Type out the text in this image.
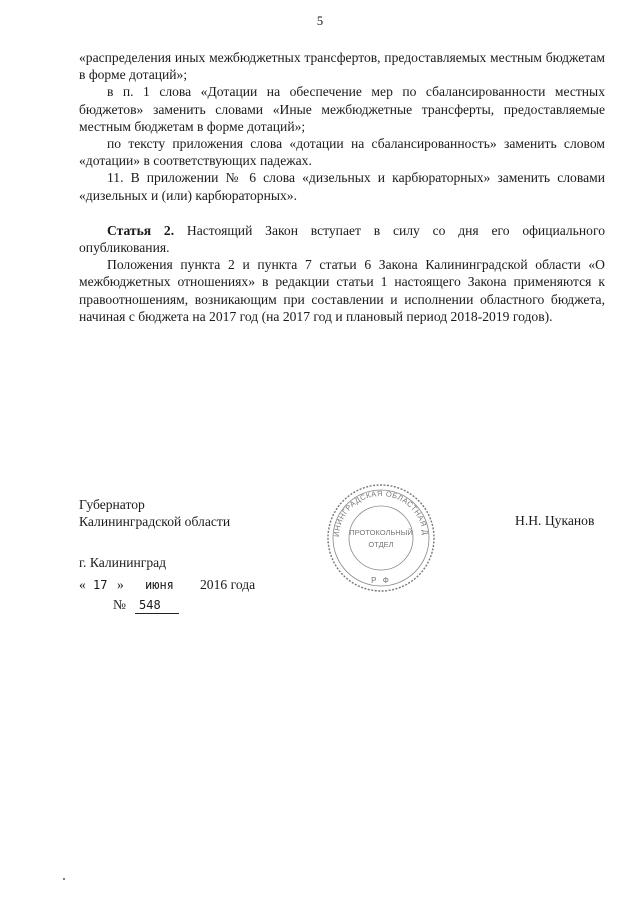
5

«распределения иных межбюджетных трансфертов, предоставляемых местным бюджетам в форме дотаций»;

в п. 1 слова «Дотации на обеспечение мер по сбалансированности местных бюджетов» заменить словами «Иные межбюджетные трансферты, предоставляемые местным бюджетам в форме дотаций»;

по тексту приложения слова «дотации на сбалансированность» заменить словом «дотации» в соответствующих падежах.

11. В приложении № 6 слова «дизельных и карбюраторных» заменить словами «дизельных и (или) карбюраторных».

Статья 2. Настоящий Закон вступает в силу со дня его официального опубликования.

Положения пункта 2 и пункта 7 статьи 6 Закона Калининградской области «О межбюджетных отношениях» в редакции статьи 1 настоящего Закона применяются к правоотношениям, возникающим при составлении и исполнении областного бюджета, начиная с бюджета на 2017 год (на 2017 год и плановый период 2018-2019 годов).

Губернатор
Калининградской области
ИНИНГРАДСКАЯ ОБЛАСТНАЯ Д
ПРОТОКОЛЬНЫЙ
ОТДЕЛ
Р Ф
Н.Н. Цуканов
г. Калининград
« 17 » июня 2016 года
№ 548
